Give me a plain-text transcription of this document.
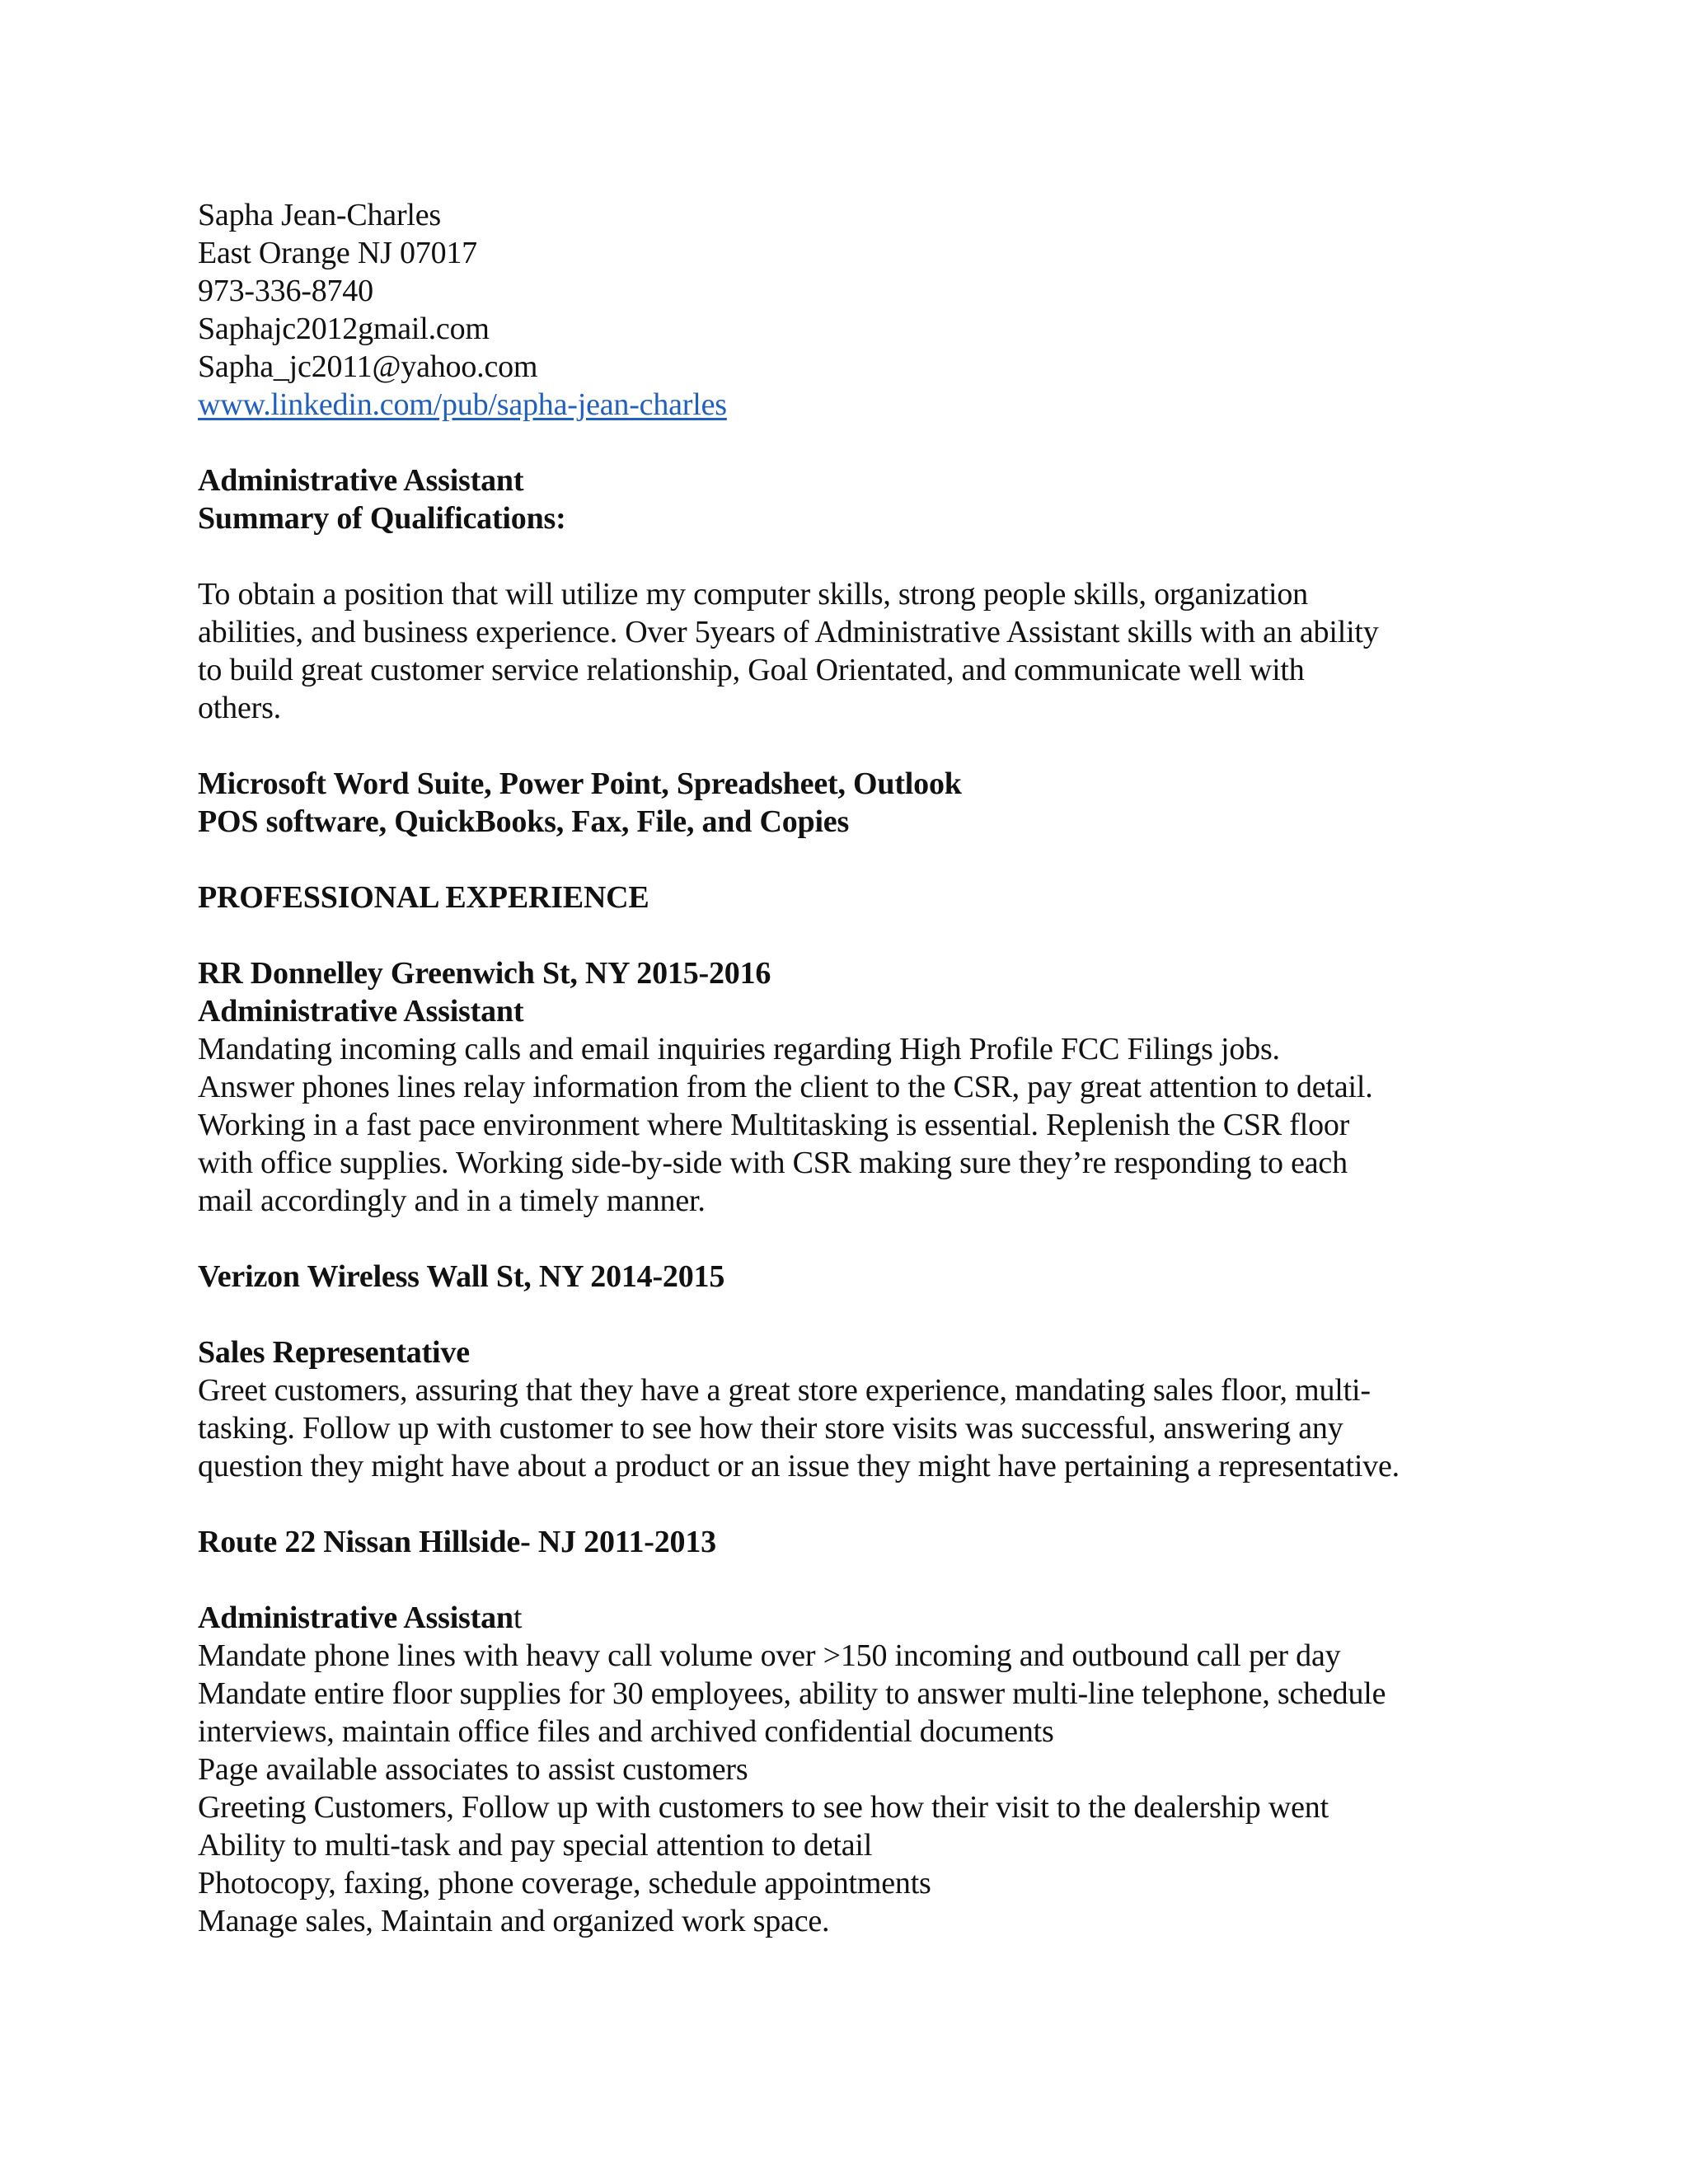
Sapha Jean-Charles
East Orange NJ 07017
973-336-8740
Saphajc2012gmail.com
Sapha_jc2011@yahoo.com
www.linkedin.com/pub/sapha-jean-charles
Administrative Assistant
Summary of Qualifications:
To obtain a position that will utilize my computer skills, strong people skills, organization
abilities, and business experience. Over 5years of Administrative Assistant skills with an ability
to build great customer service relationship, Goal Orientated, and communicate well with
others.
Microsoft Word Suite, Power Point, Spreadsheet, Outlook
POS software, QuickBooks, Fax, File, and Copies
PROFESSIONAL EXPERIENCE
RR Donnelley Greenwich St, NY 2015-2016
Administrative Assistant
Mandating incoming calls and email inquiries regarding High Profile FCC Filings jobs.
Answer phones lines relay information from the client to the CSR, pay great attention to detail.
Working in a fast pace environment where Multitasking is essential. Replenish the CSR floor
with office supplies. Working side-by-side with CSR making sure they’re responding to each
mail accordingly and in a timely manner.
Verizon Wireless Wall St, NY 2014-2015
Sales Representative
Greet customers, assuring that they have a great store experience, mandating sales floor, multi-
tasking. Follow up with customer to see how their store visits was successful, answering any
question they might have about a product or an issue they might have pertaining a representative.
Route 22 Nissan Hillside- NJ 2011-2013
Administrative Assistant
Mandate phone lines with heavy call volume over >150 incoming and outbound call per day
Mandate entire floor supplies for 30 employees, ability to answer multi-line telephone, schedule
interviews, maintain office files and archived confidential documents
Page available associates to assist customers
Greeting Customers, Follow up with customers to see how their visit to the dealership went
Ability to multi-task and pay special attention to detail
Photocopy, faxing, phone coverage, schedule appointments
Manage sales, Maintain and organized work space.
